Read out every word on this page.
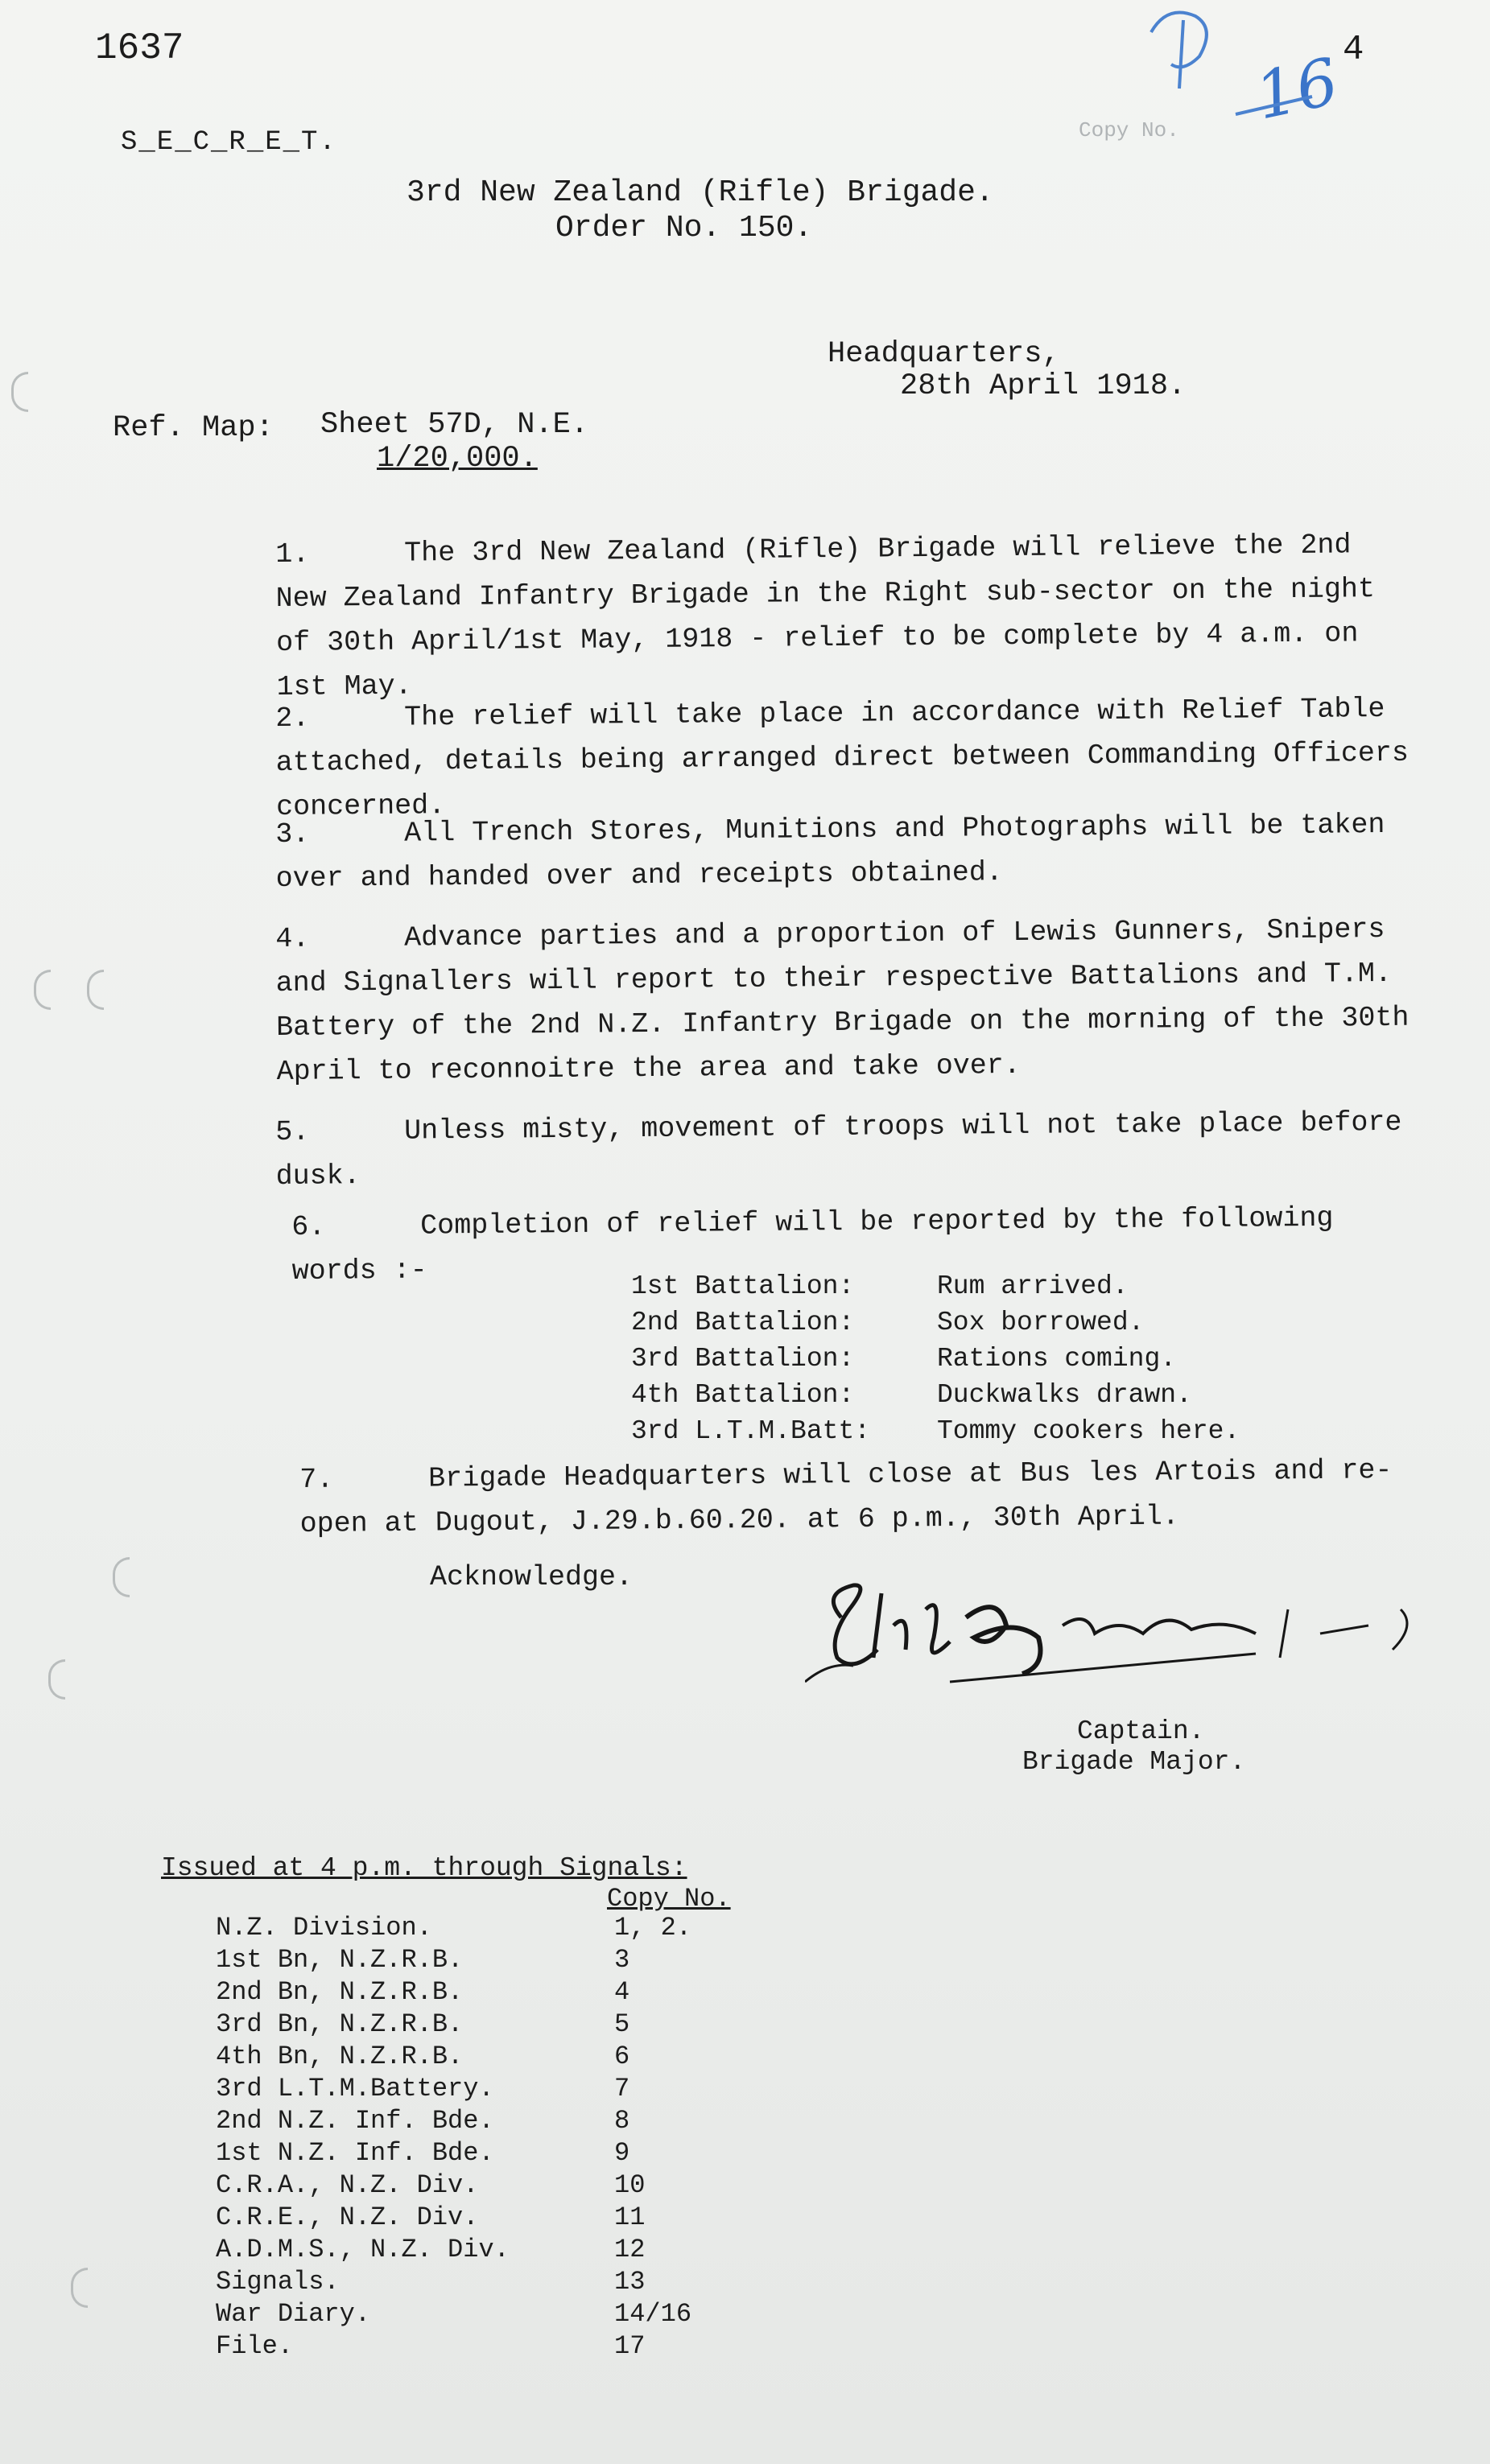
1637	4
Copy No. 16
S_E_C_R_E_T.
3rd New Zealand (Rifle) Brigade.
Order No. 150.
Headquarters,
28th April 1918.
Ref. Map: Sheet 57D, N.E.
1/20,000.

1.	The 3rd New Zealand (Rifle) Brigade will relieve the 2nd New Zealand Infantry Brigade in the Right sub-sector on the night of 30th April/1st May, 1918 - relief to be complete by 4 a.m. on 1st May.

2.	The relief will take place in accordance with Relief Table attached, details being arranged direct between Commanding Officers concerned.

3.	All Trench Stores, Munitions and Photographs will be taken over and handed over and receipts obtained.

4.	Advance parties and a proportion of Lewis Gunners, Snipers and Signallers will report to their respective Battalions and T.M. Battery of the 2nd N.Z. Infantry Brigade on the morning of the 30th April to reconnoitre the area and take over.

5.	Unless misty, movement of troops will not take place before dusk.

6.	Completion of relief will be reported by the following words :-	1st Battalion:	Rum arrived.
2nd Battalion:	Sox borrowed.
3rd Battalion:	Rations coming.
4th Battalion:	Duckwalks drawn.
3rd L.T.M.Batt:	Tommy cookers here.

7.	Brigade Headquarters will close at Bus les Artois and re-open at Dugout, J.29.b.60.20. at 6 p.m., 30th April.

Acknowledge.
Captain.
Brigade Major.
Issued at 4 p.m. through Signals:
Copy No.
N.Z. Division.	1, 2.
1st Bn, N.Z.R.B.	3
2nd Bn, N.Z.R.B.	4
3rd Bn, N.Z.R.B.	5
4th Bn, N.Z.R.B.	6
3rd L.T.M.Battery.	7
2nd N.Z. Inf. Bde.	8
1st N.Z. Inf. Bde.	9
C.R.A., N.Z. Div.	10
C.R.E., N.Z. Div.	11
A.D.M.S., N.Z. Div.	12
Signals.	13
War Diary.	14/16
File.	17
